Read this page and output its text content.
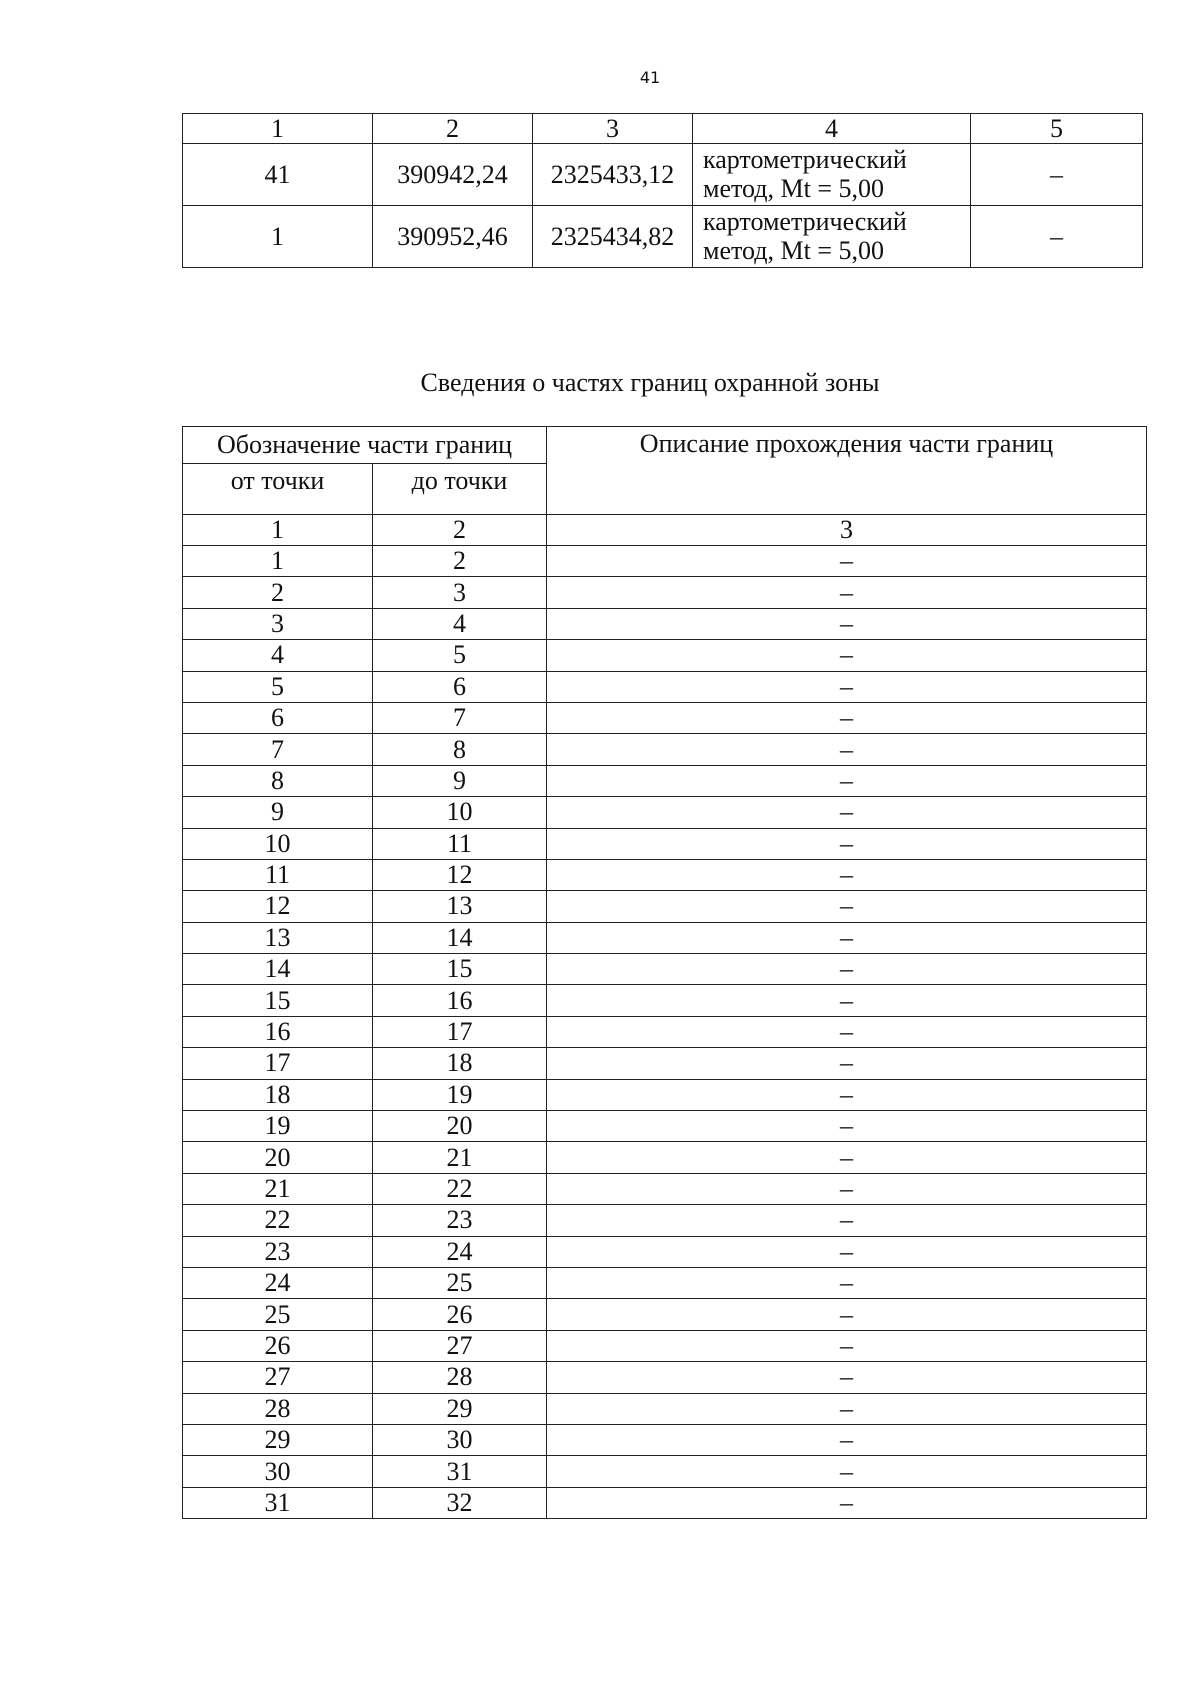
41
1	2	3	4	5
41	390942,24	2325433,12	картометрический
метод, Mt = 5,00	–
1	390952,46	2325434,82	картометрический
метод, Mt = 5,00	–
Сведения о частях границ охранной зоны
Обозначение части границ		Описание прохождения части границ
от точки	до точки	
1	2	3
1	2	–
2	3	–
3	4	–
4	5	–
5	6	–
6	7	–
7	8	–
8	9	–
9	10	–
10	11	–
11	12	–
12	13	–
13	14	–
14	15	–
15	16	–
16	17	–
17	18	–
18	19	–
19	20	–
20	21	–
21	22	–
22	23	–
23	24	–
24	25	–
25	26	–
26	27	–
27	28	–
28	29	–
29	30	–
30	31	–
31	32	–
